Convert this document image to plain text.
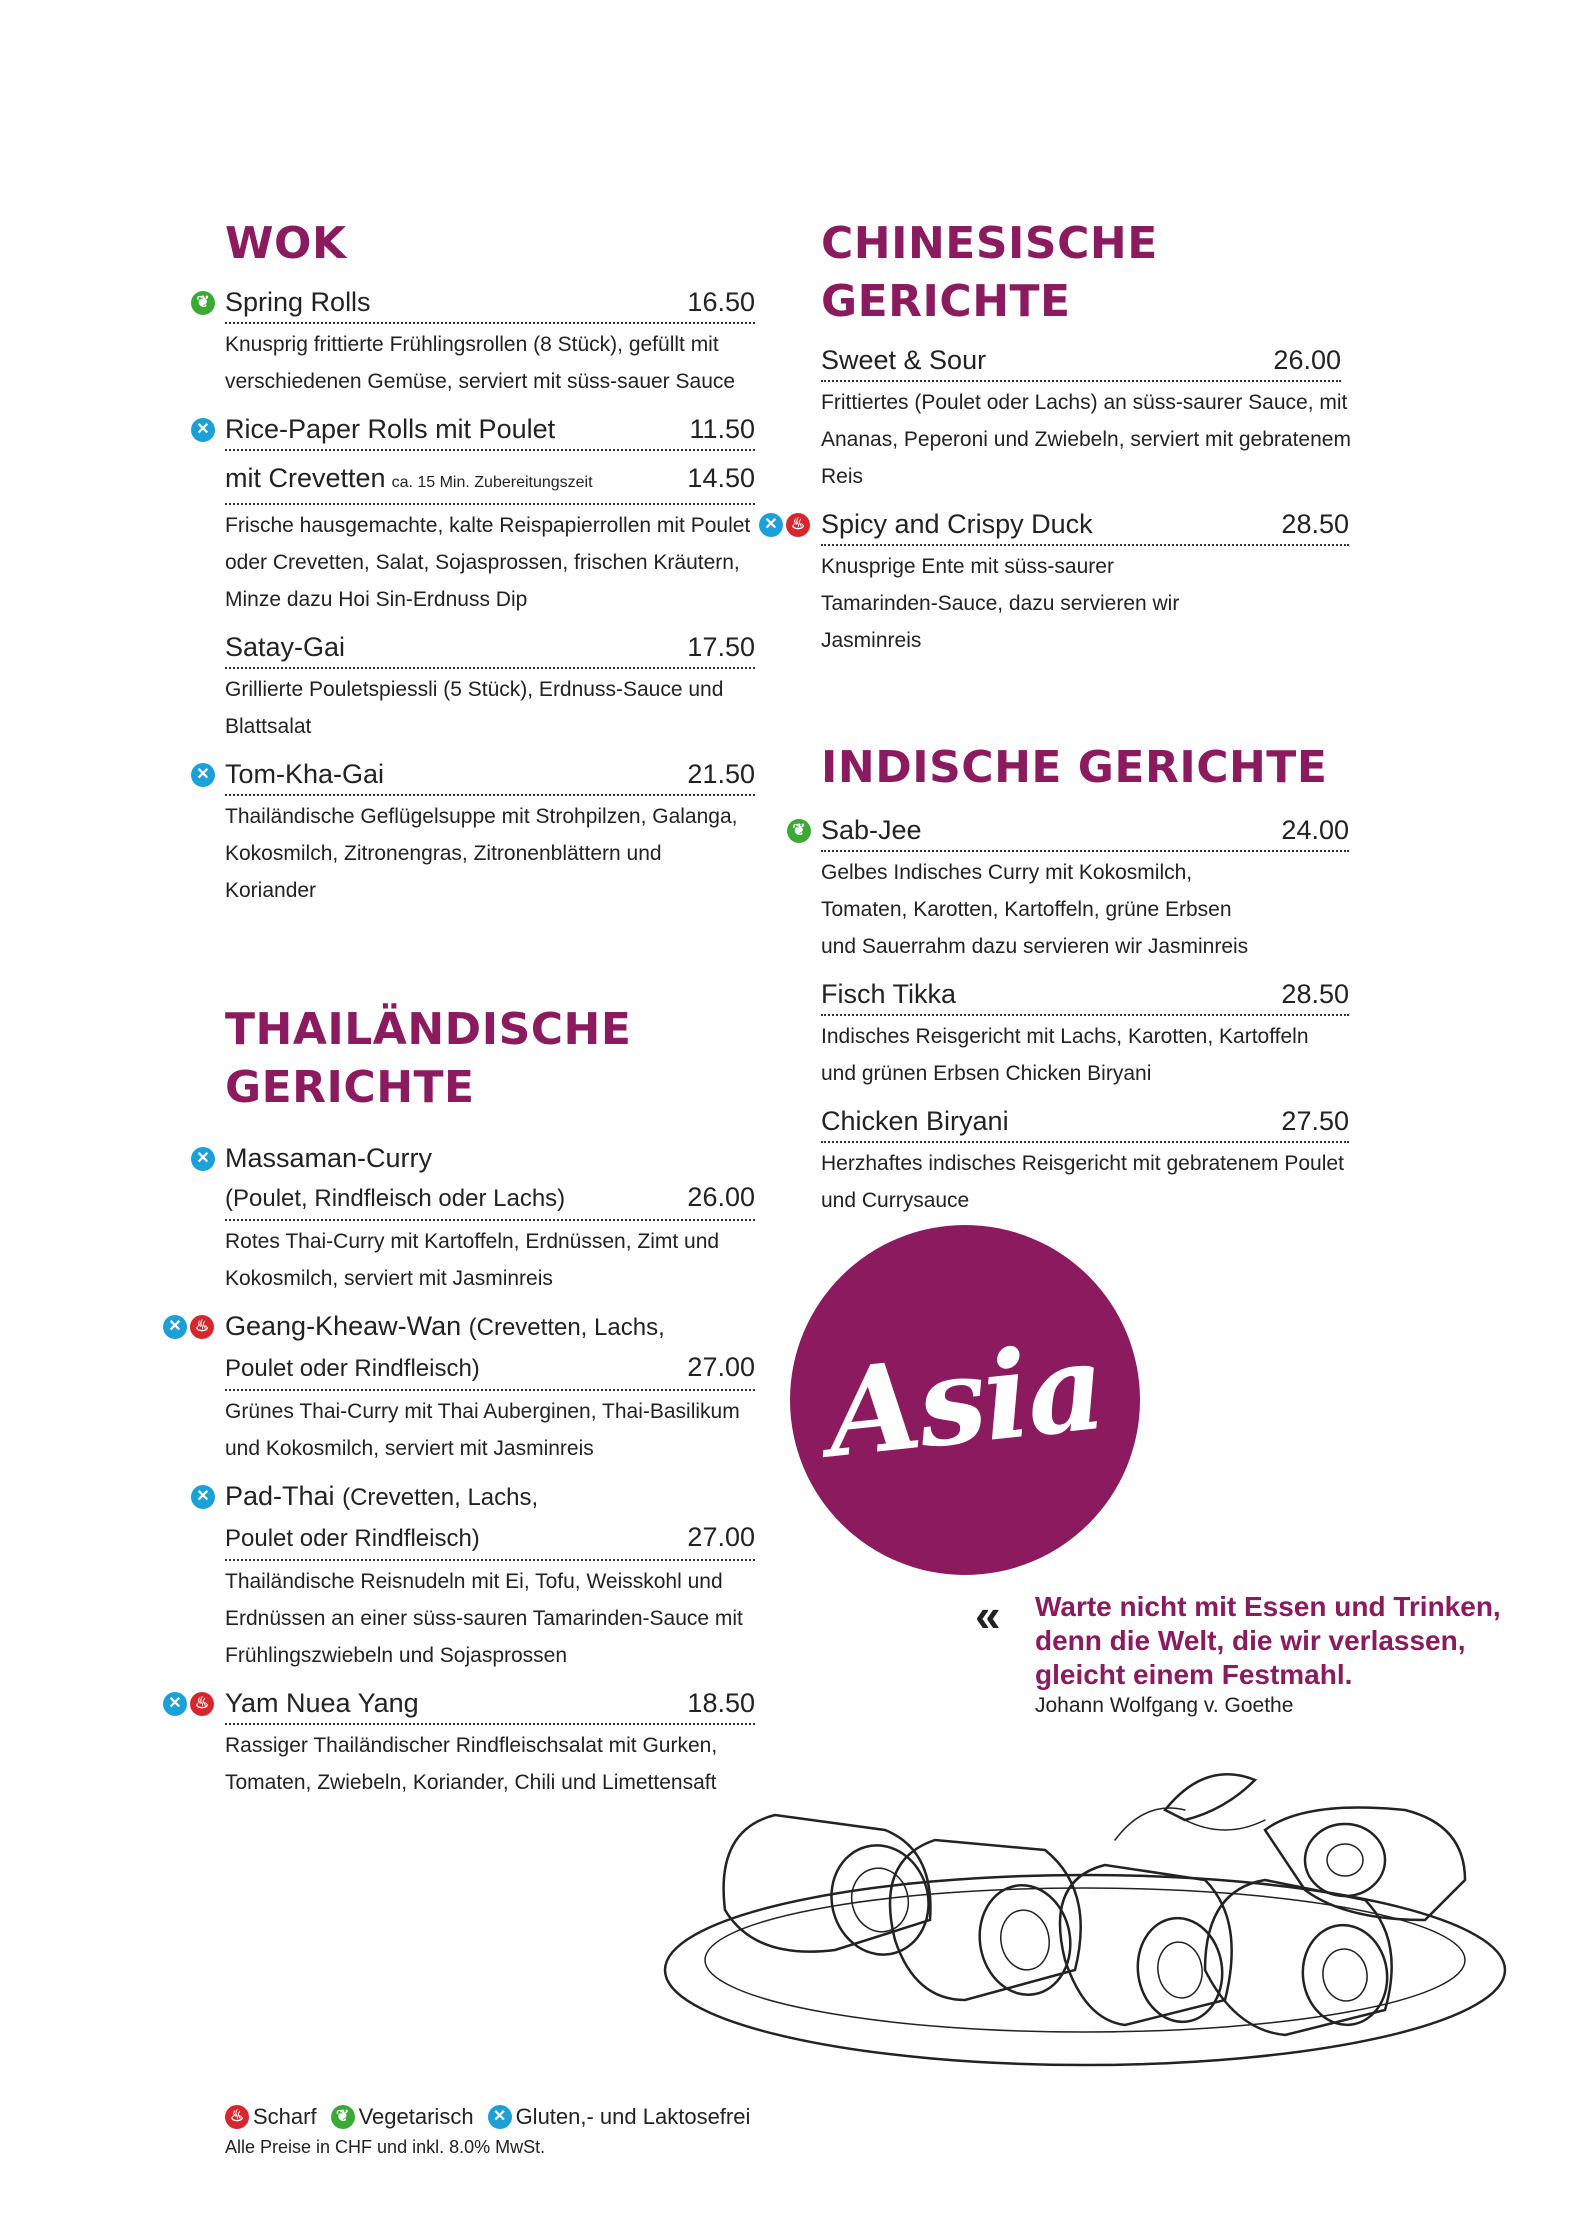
WOK
❦ Spring Rolls	16.50
Knusprig frittierte Frühlingsrollen (8 Stück), gefüllt mit verschiedenen Gemüse, serviert mit süss-sauer Sauce
✕ Rice-Paper Rolls mit Poulet	11.50
mit Crevetten ca. 15 Min. Zubereitungszeit	14.50
Frische hausgemachte, kalte Reispapierrollen mit Poulet oder Crevetten, Salat, Sojasprossen, frischen Kräutern, Minze dazu Hoi Sin-Erdnuss Dip
Satay-Gai	17.50
Grillierte Pouletspiessli (5 Stück), Erdnuss-Sauce und Blattsalat
✕ Tom-Kha-Gai	21.50
Thailändische Geflügelsuppe mit Strohpilzen, Galanga, Kokosmilch, Zitronengras, Zitronenblättern und Koriander
THAILÄNDISCHE
GERICHTE
✕ Massaman-Curry
(Poulet, Rindfleisch oder Lachs)	26.00
Rotes Thai-Curry mit Kartoffeln, Erdnüssen, Zimt und Kokosmilch, serviert mit Jasminreis
✕ ♨ Geang-Kheaw-Wan (Crevetten, Lachs,
Poulet oder Rindfleisch)	27.00
Grünes Thai-Curry mit Thai Auberginen, Thai-Basilikum und Kokosmilch, serviert mit Jasminreis
✕ Pad-Thai (Crevetten, Lachs,
Poulet oder Rindfleisch)	27.00
Thailändische Reisnudeln mit Ei, Tofu, Weisskohl und Erdnüssen an einer süss-sauren Tamarinden-Sauce mit Frühlingszwiebeln und Sojasprossen
✕ ♨ Yam Nuea Yang	18.50
Rassiger Thailändischer Rindfleischsalat mit Gurken, Tomaten, Zwiebeln, Koriander, Chili und Limettensaft
CHINESISCHE GERICHTE
Sweet & Sour	26.00
Frittiertes (Poulet oder Lachs) an süss-saurer Sauce, mit Ananas, Peperoni und Zwiebeln, serviert mit gebratenem Reis
✕ ♨ Spicy and Crispy Duck	28.50
Knusprige Ente mit süss-saurer Tamarinden-Sauce, dazu servieren wir Jasminreis
INDISCHE GERICHTE
❦ Sab-Jee	24.00
Gelbes Indisches Curry mit Kokosmilch, Tomaten, Karotten, Kartoffeln, grüne Erbsen und Sauerrahm dazu servieren wir Jasminreis
Fisch Tikka	28.50
Indisches Reisgericht mit Lachs, Karotten, Kartoffeln und grünen Erbsen Chicken Biryani
Chicken Biryani	27.50
Herzhaftes indisches Reisgericht mit gebratenem Poulet und Currysauce
Asia
« Warte nicht mit Essen und Trinken,
denn die Welt, die wir verlassen,
gleicht einem Festmahl.
Johann Wolfgang v. Goethe
♨ Scharf	❦ Vegetarisch	✕ Gluten,- und Laktosefrei
Alle Preise in CHF und inkl. 8.0% MwSt.
